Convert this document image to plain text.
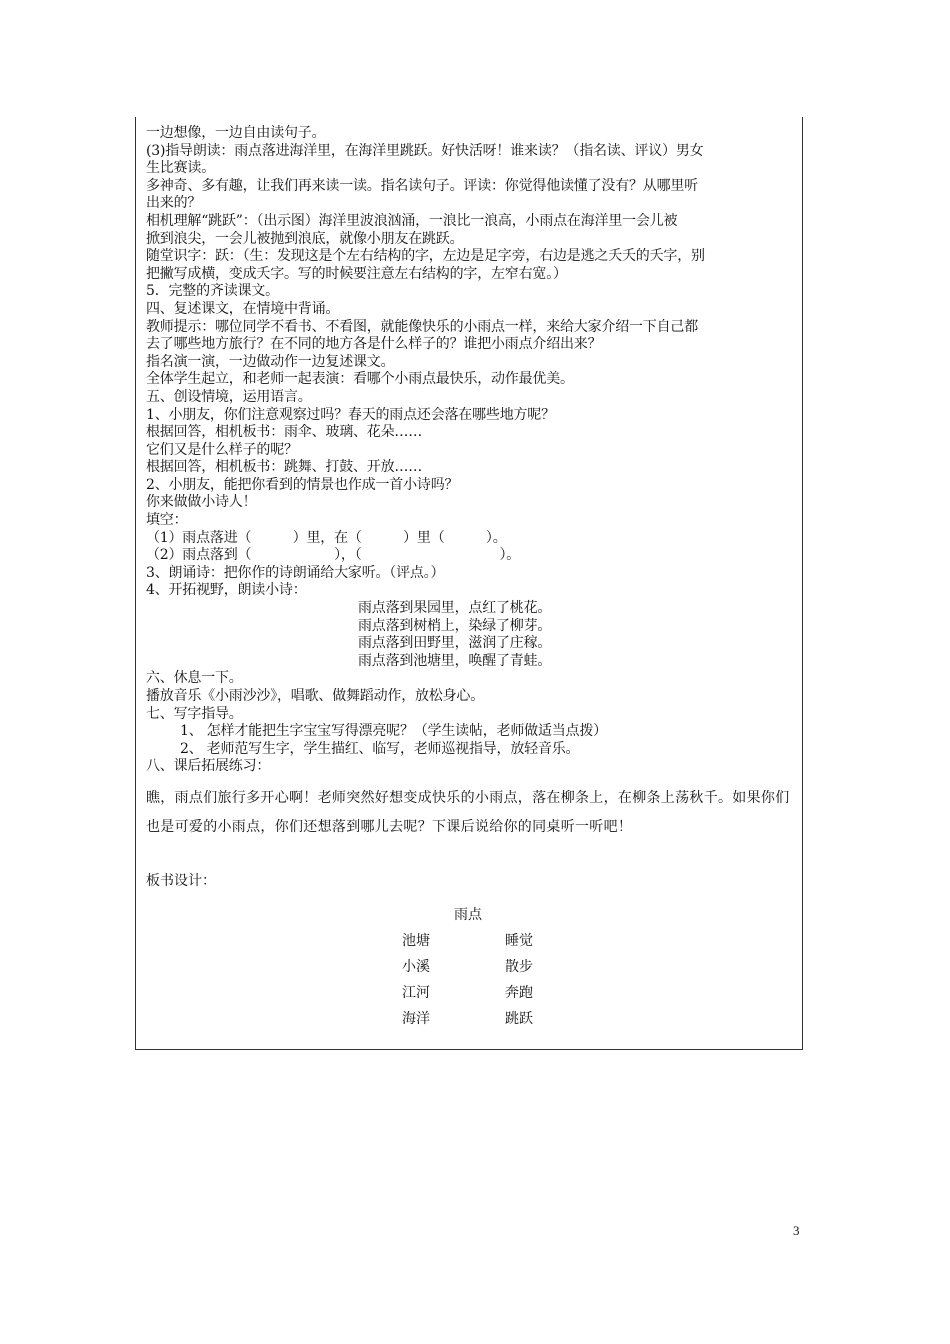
一边想像，一边自由读句子。
(3)指导朗读：雨点落进海洋里，在海洋里跳跃。好快活呀！谁来读？（指名读、评议）男女
生比赛读。
多神奇、多有趣，让我们再来读一读。指名读句子。评读：你觉得他读懂了没有？从哪里听
出来的？
相机理解“跳跃”：（出示图）海洋里波浪汹涌，一浪比一浪高，小雨点在海洋里一会儿被
掀到浪尖，一会儿被抛到浪底，就像小朋友在跳跃。
随堂识字：跃：（生：发现这是个左右结构的字，左边是足字旁，右边是逃之夭夭的夭字，别
把撇写成横，变成夭字。写的时候要注意左右结构的字，左窄右宽。）
5．完整的齐读课文。
四、复述课文，在情境中背诵。
教师提示：哪位同学不看书、不看图，就能像快乐的小雨点一样，来给大家介绍一下自己都
去了哪些地方旅行？在不同的地方各是什么样子的？谁把小雨点介绍出来？
指名演一演，一边做动作一边复述课文。
全体学生起立，和老师一起表演：看哪个小雨点最快乐，动作最优美。
五、创设情境，运用语言。
1、小朋友，你们注意观察过吗？春天的雨点还会落在哪些地方呢？
根据回答，相机板书：雨伞、玻璃、花朵……
它们又是什么样子的呢？
根据回答，相机板书：跳舞、打鼓、开放……
2、小朋友，能把你看到的情景也作成一首小诗吗？
你来做做小诗人！
填空：
（1）雨点落进（　　　）里，在（　　　）里（　　　）。
（2）雨点落到（　　　　　　），（　　　　　　　　　　）。
3、朗诵诗：把你作的诗朗诵给大家听。（评点。）
4、开拓视野，朗读小诗：
雨点落到果园里，点红了桃花。
雨点落到树梢上，染绿了柳芽。
雨点落到田野里，滋润了庄稼。
雨点落到池塘里，唤醒了青蛙。
六、休息一下。
播放音乐《小雨沙沙》，唱歌、做舞蹈动作，放松身心。
七、写字指导。
1、 怎样才能把生字宝宝写得漂亮呢？（学生读帖，老师做适当点拨）
2、 老师范写生字，学生描红、临写，老师巡视指导，放轻音乐。
八、课后拓展练习：
瞧，雨点们旅行多开心啊！老师突然好想变成快乐的小雨点，落在柳条上，在柳条上荡秋千。如果你们也是可爱的小雨点，你们还想落到哪儿去呢？下课后说给你的同桌听一听吧！
板书设计：
雨点
池塘	睡觉
小溪	散步
江河	奔跑
海洋	跳跃
3
